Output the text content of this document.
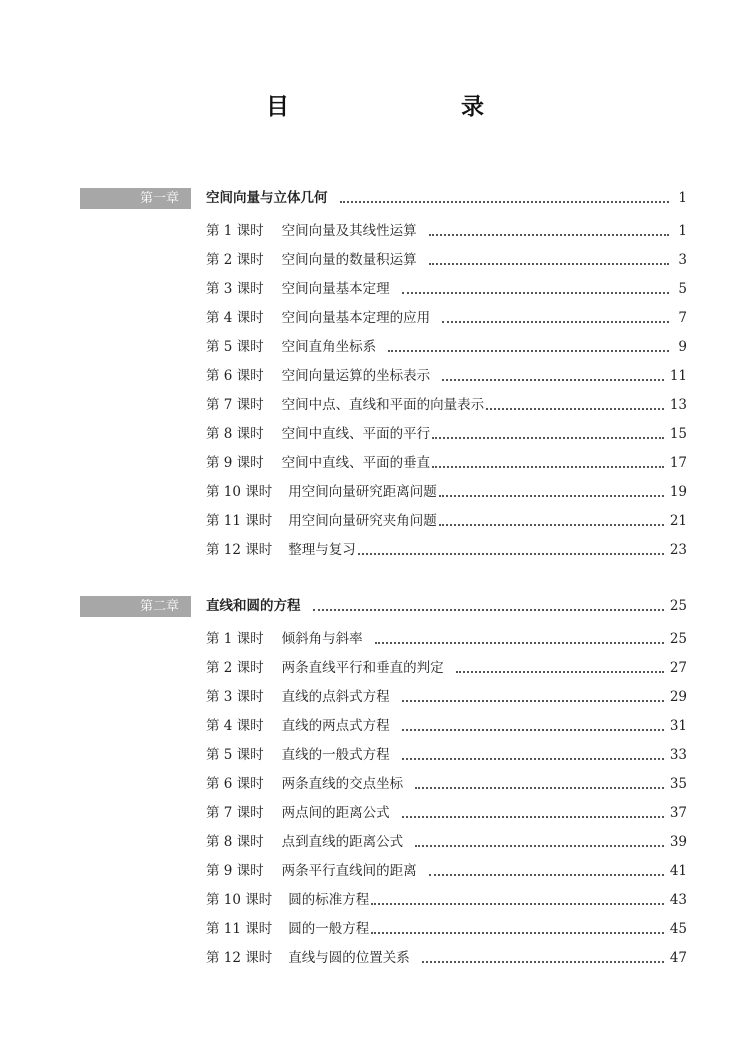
目　　录
第一章	空间向量与立体几何	1
第 1 课时 空间向量及其线性运算	1
第 2 课时 空间向量的数量积运算	3
第 3 课时 空间向量基本定理	5
第 4 课时 空间向量基本定理的应用	7
第 5 课时 空间直角坐标系	9
第 6 课时 空间向量运算的坐标表示	11
第 7 课时 空间中点、直线和平面的向量表示	13
第 8 课时 空间中直线、平面的平行	15
第 9 课时 空间中直线、平面的垂直	17
第 10 课时 用空间向量研究距离问题	19
第 11 课时 用空间向量研究夹角问题	21
第 12 课时 整理与复习	23
第二章	直线和圆的方程	25
第 1 课时 倾斜角与斜率	25
第 2 课时 两条直线平行和垂直的判定	27
第 3 课时 直线的点斜式方程	29
第 4 课时 直线的两点式方程	31
第 5 课时 直线的一般式方程	33
第 6 课时 两条直线的交点坐标	35
第 7 课时 两点间的距离公式	37
第 8 课时 点到直线的距离公式	39
第 9 课时 两条平行直线间的距离	41
第 10 课时 圆的标准方程	43
第 11 课时 圆的一般方程	45
第 12 课时 直线与圆的位置关系	47
